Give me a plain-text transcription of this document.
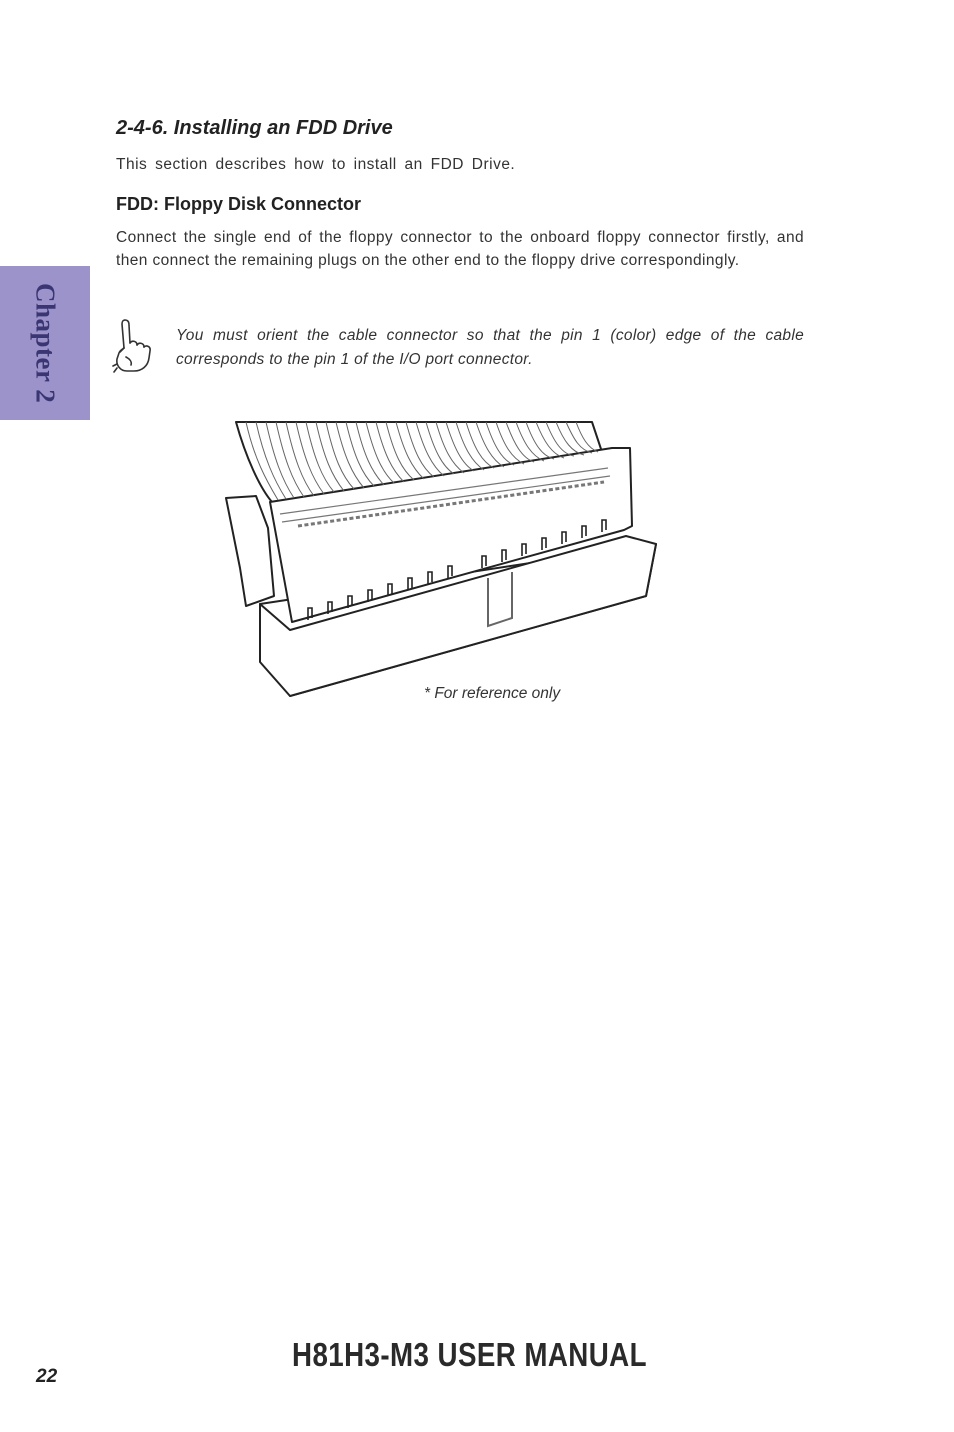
Chapter 2
2-4-6. Installing an FDD Drive

This section describes how to install an FDD Drive.

FDD: Floppy Disk Connector

Connect the single end of the floppy connector to the onboard floppy connector firstly, and then connect the remaining plugs on the other end to the floppy drive correspondingly.

You must orient the cable connector so that the pin 1 (color) edge of the cable corresponds to the pin 1 of the I/O port connector.

* For reference only

22

H81H3-M3 USER MANUAL
